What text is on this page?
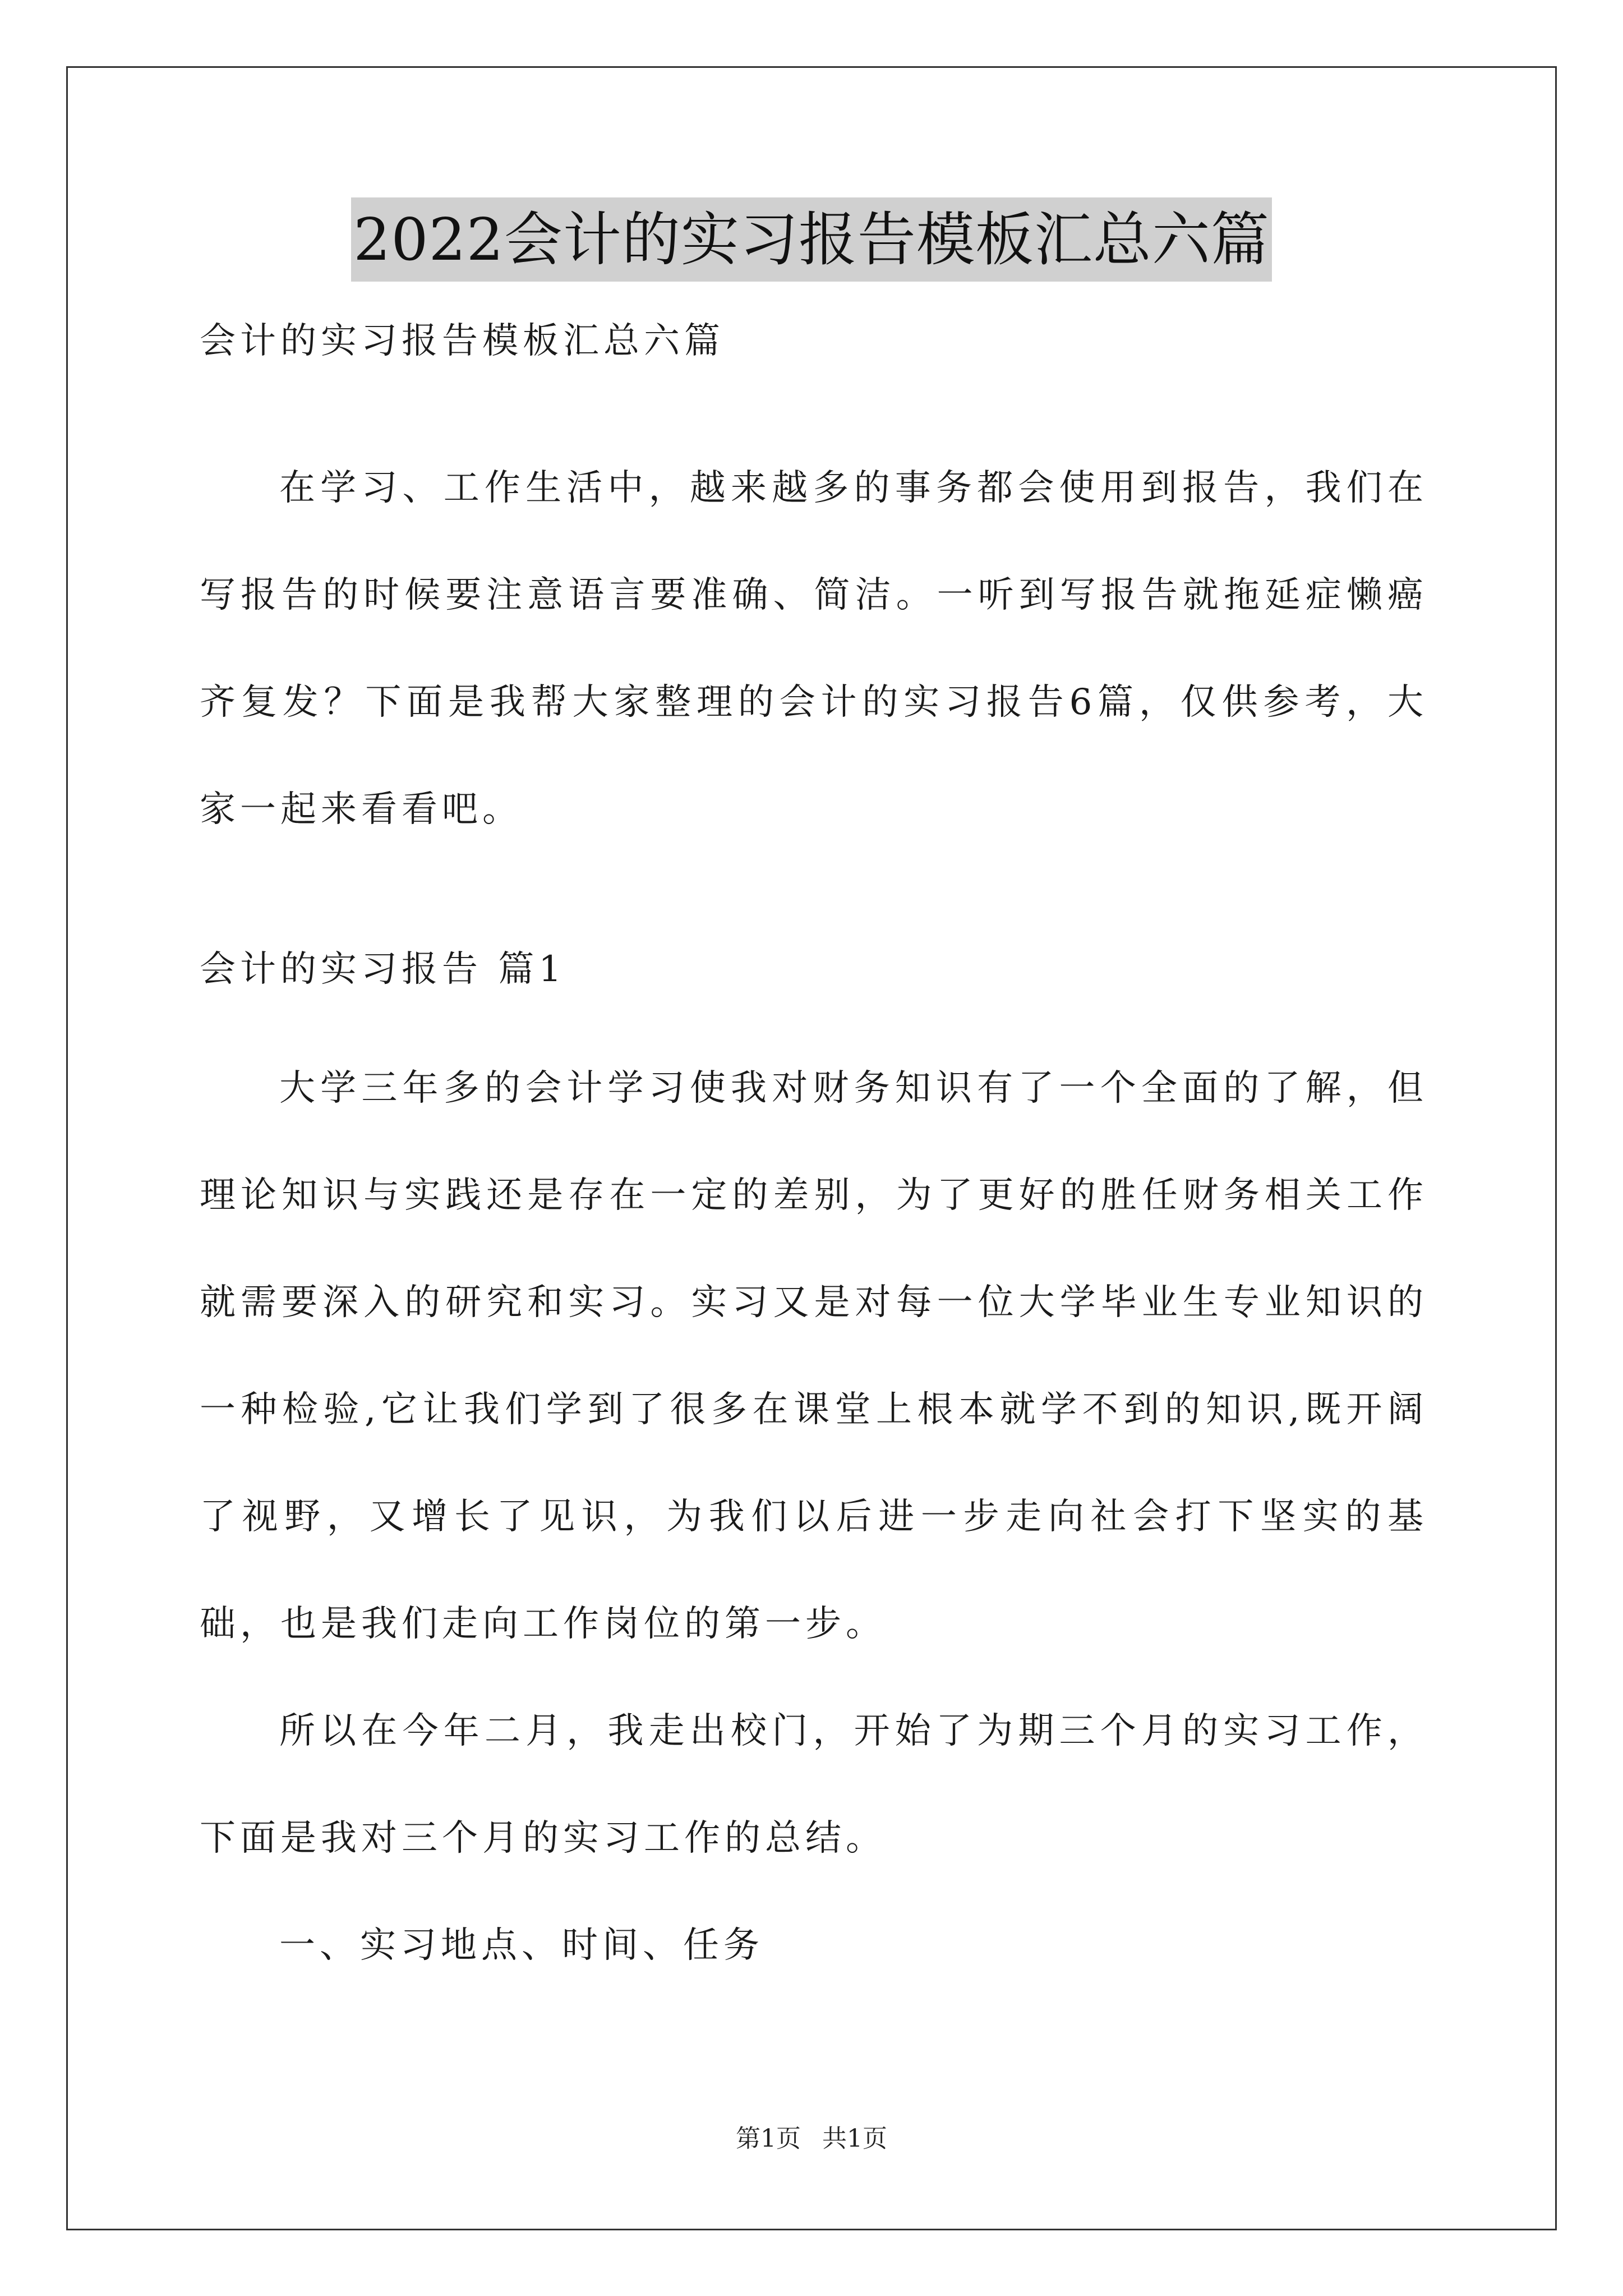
2022会计的实习报告模板汇总六篇
会计的实习报告模板汇总六篇
在学习、工作生活中，越来越多的事务都会使用到报告，我们在写报告的时候要注意语言要准确、简洁。一听到写报告就拖延症懒癌齐复发？下面是我帮大家整理的会计的实习报告6篇，仅供参考，大家一起来看看吧。
会计的实习报告 篇1
大学三年多的会计学习使我对财务知识有了一个全面的了解，但理论知识与实践还是存在一定的差别，为了更好的胜任财务相关工作就需要深入的研究和实习。实习又是对每一位大学毕业生专业知识的一种检验,它让我们学到了很多在课堂上根本就学不到的知识,既开阔了视野，又增长了见识，为我们以后进一步走向社会打下坚实的基础，也是我们走向工作岗位的第一步。
所以在今年二月，我走出校门，开始了为期三个月的实习工作，下面是我对三个月的实习工作的总结。
一、实习地点、时间、任务
第1页 共1页
